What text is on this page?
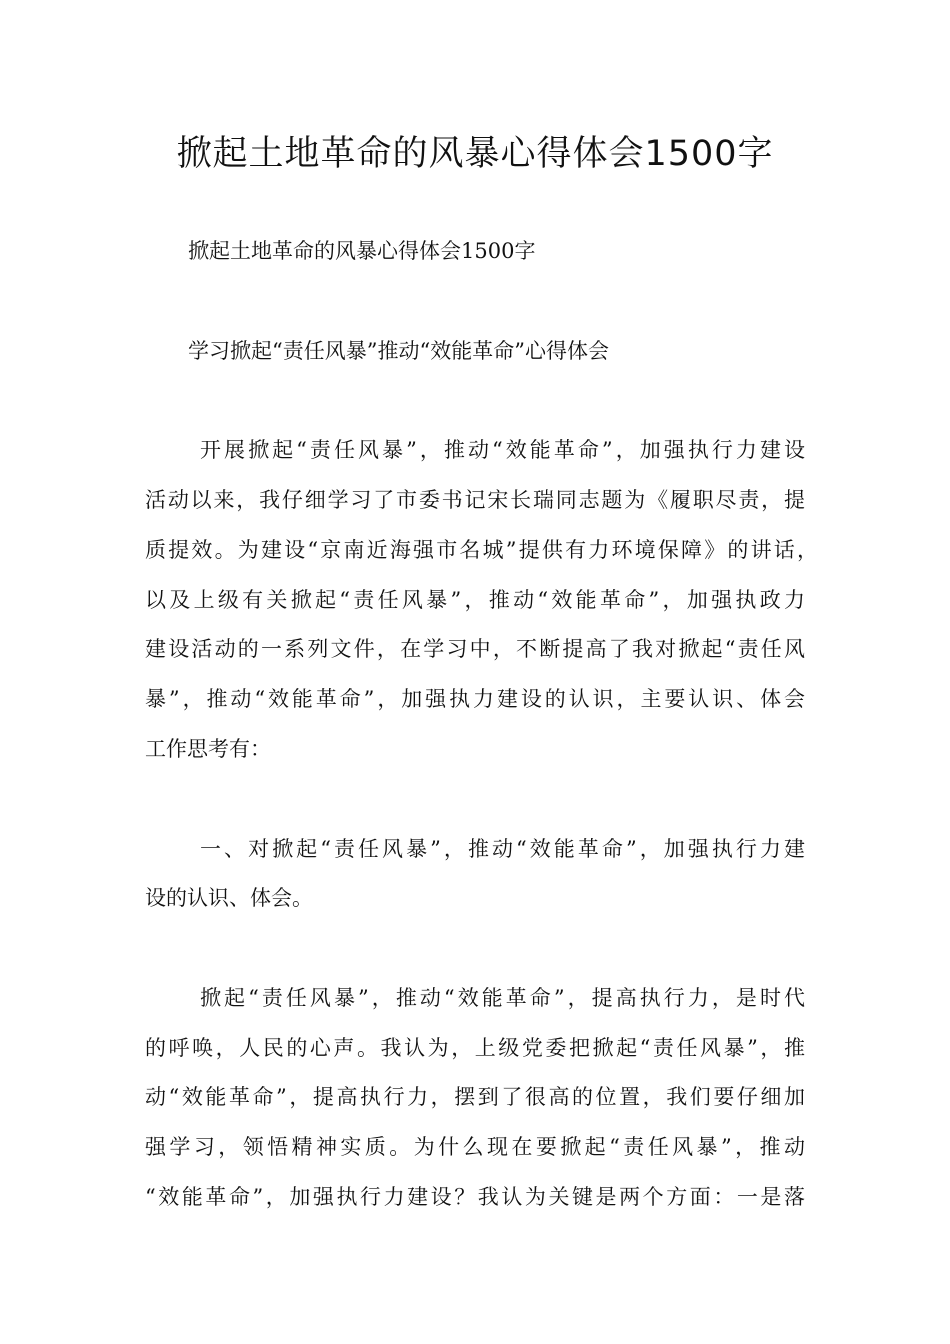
掀起土地革命的风暴心得体会1500字

掀起土地革命的风暴心得体会1500字

学习掀起“责任风暴”推动“效能革命”心得体会

开展掀起“责任风暴”，推动“效能革命”，加强执行力建设

活动以来，我仔细学习了市委书记宋长瑞同志题为《履职尽责，提

质提效。为建设“京南近海强市名城”提供有力环境保障》的讲话，

以及上级有关掀起“责任风暴”，推动“效能革命”，加强执政力

建设活动的一系列文件，在学习中，不断提高了我对掀起“责任风

暴”，推动“效能革命”，加强执力建设的认识，主要认识、体会

工作思考有：

一、对掀起“责任风暴”，推动“效能革命”，加强执行力建

设的认识、体会。

掀起“责任风暴”，推动“效能革命”，提高执行力，是时代

的呼唤，人民的心声。我认为，上级党委把掀起“责任风暴”，推

动“效能革命”，提高执行力，摆到了很高的位置，我们要仔细加

强学习，领悟精神实质。为什么现在要掀起“责任风暴”，推动

“效能革命”，加强执行力建设？我认为关键是两个方面：一是落
